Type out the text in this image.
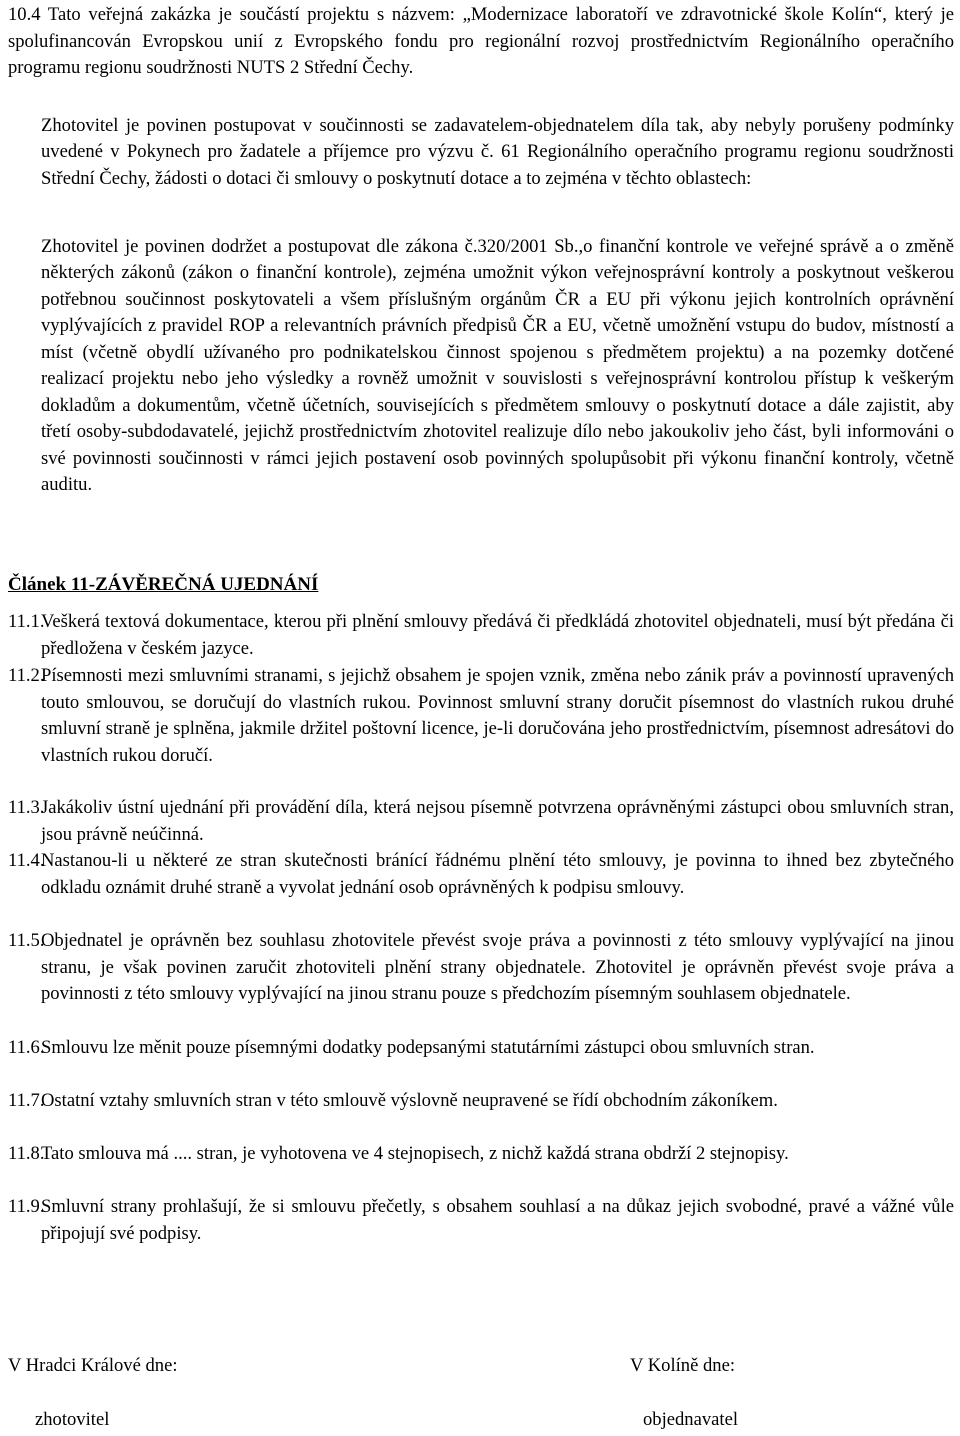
10.4 Tato veřejná zakázka je součástí projektu s názvem: „Modernizace laboratoří ve zdravotnické škole Kolín“, který je spolufinancován Evropskou unií z Evropského fondu pro regionální rozvoj prostřednictvím Regionálního operačního programu regionu soudržnosti NUTS 2 Střední Čechy.

Zhotovitel je povinen postupovat v součinnosti se zadavatelem-objednatelem díla tak, aby nebyly porušeny podmínky uvedené v Pokynech pro žadatele a příjemce pro výzvu č. 61 Regionálního operačního programu regionu soudržnosti Střední Čechy, žádosti o dotaci či smlouvy o poskytnutí dotace a to zejména v těchto oblastech:

Zhotovitel je povinen dodržet a postupovat dle zákona č.320/2001 Sb.,o finanční kontrole ve veřejné správě a o změně některých zákonů (zákon o finanční kontrole), zejména umožnit výkon veřejnosprávní kontroly a poskytnout veškerou potřebnou součinnost poskytovateli a všem příslušným orgánům ČR a EU při výkonu jejich kontrolních oprávnění vyplývajících z pravidel ROP a relevantních právních předpisů ČR a EU, včetně umožnění vstupu do budov, místností a míst (včetně obydlí užívaného pro podnikatelskou činnost spojenou s předmětem projektu) a na pozemky dotčené realizací projektu nebo jeho výsledky a rovněž umožnit v souvislosti s veřejnosprávní kontrolou přístup k veškerým dokladům a dokumentům, včetně účetních, souvisejících s předmětem smlouvy o poskytnutí dotace a dále zajistit, aby třetí osoby-subdodavatelé, jejichž prostřednictvím zhotovitel realizuje dílo nebo jakoukoliv jeho část, byli informováni o své povinnosti součinnosti v rámci jejich postavení osob povinných spolupůsobit při výkonu finanční kontroly, včetně auditu.

Článek 11-ZÁVĚREČNÁ UJEDNÁNÍ
11.1.
Veškerá textová dokumentace, kterou při plnění smlouvy předává či předkládá zhotovitel objednateli, musí být předána či předložena v českém jazyce.
11.2.
Písemnosti mezi smluvními stranami, s jejichž obsahem je spojen vznik, změna nebo zánik práv a povinností upravených touto smlouvou, se doručují do vlastních rukou. Povinnost smluvní strany doručit písemnost do vlastních rukou druhé smluvní straně je splněna, jakmile držitel poštovní licence, je-li doručována jeho prostřednictvím, písemnost adresátovi do vlastních rukou doručí.
11.3.
Jakákoliv ústní ujednání při provádění díla, která nejsou písemně potvrzena oprávněnými zástupci obou smluvních stran, jsou právně neúčinná.
11.4.
Nastanou-li u některé ze stran skutečnosti bránící řádnému plnění této smlouvy, je povinna to ihned bez zbytečného odkladu oznámit druhé straně a vyvolat jednání osob oprávněných k podpisu smlouvy.
11.5.
Objednatel je oprávněn bez souhlasu zhotovitele převést svoje práva a povinnosti z této smlouvy vyplývající na jinou stranu, je však povinen zaručit zhotoviteli plnění strany objednatele. Zhotovitel je oprávněn převést svoje práva a povinnosti z této smlouvy vyplývající na jinou stranu pouze s předchozím písemným souhlasem objednatele.
11.6.
Smlouvu lze měnit pouze písemnými dodatky podepsanými statutárními zástupci obou smluvních stran.
11.7.
Ostatní vztahy smluvních stran v této smlouvě výslovně neupravené se řídí obchodním zákoníkem.
11.8.
Tato smlouva má .... stran, je vyhotovena ve 4 stejnopisech, z nichž každá strana obdrží 2 stejnopisy.
11.9.
Smluvní strany prohlašují, že si smlouvu přečetly, s obsahem souhlasí a na důkaz jejich svobodné, pravé a vážné vůle připojují své podpisy.
V Hradci Králové dne:	V Kolíně dne:
zhotovitel	objednavatel
